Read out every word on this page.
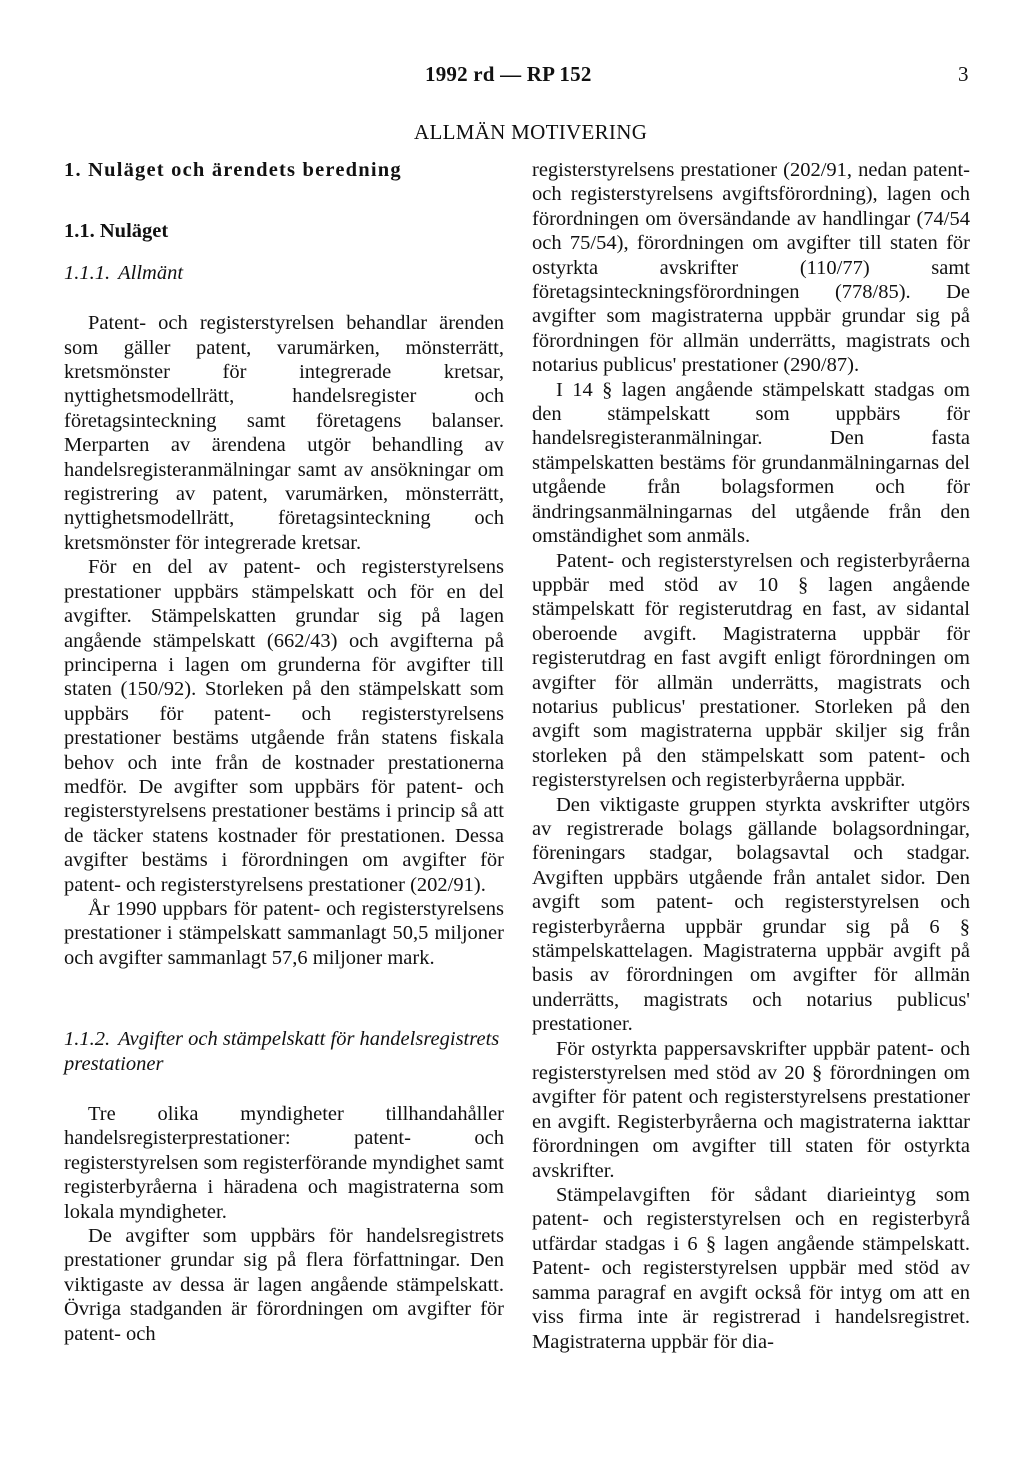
1992 rd — RP 152	3
ALLMÄN MOTIVERING
1. Nuläget och ärendets beredning
1.1. Nuläget
1.1.1. Allmänt

Patent- och registerstyrelsen behandlar ärenden som gäller patent, varumärken, mönsterrätt, kretsmönster för integrerade kretsar, nyttighetsmodellrätt, handelsregister och företagsinteckning samt företagens balanser. Merparten av ärendena utgör behandling av handelsregisteranmälningar samt av ansökningar om registrering av patent, varumärken, mönsterrätt, nyttighetsmodellrätt, företagsinteckning och kretsmönster för integrerade kretsar.

För en del av patent- och registerstyrelsens prestationer uppbärs stämpelskatt och för en del avgifter. Stämpelskatten grundar sig på lagen angående stämpelskatt (662/43) och avgifterna på principerna i lagen om grunderna för avgifter till staten (150/92). Storleken på den stämpelskatt som uppbärs för patent- och registerstyrelsens prestationer bestäms utgående från statens fiskala behov och inte från de kostnader prestationerna medför. De avgifter som uppbärs för patent- och registerstyrelsens prestationer bestäms i princip så att de täcker statens kostnader för prestationen. Dessa avgifter bestäms i förordningen om avgifter för patent- och registerstyrelsens prestationer (202/91).

År 1990 uppbars för patent- och registerstyrelsens prestationer i stämpelskatt sammanlagt 50,5 miljoner och avgifter sammanlagt 57,6 miljoner mark.

1.1.2. Avgifter och stämpelskatt för handelsregistrets prestationer

Tre olika myndigheter tillhandahåller handelsregisterprestationer: patent- och registerstyrelsen som registerförande myndighet samt registerbyråerna i häradena och magistraterna som lokala myndigheter.

De avgifter som uppbärs för handelsregistrets prestationer grundar sig på flera författningar. Den viktigaste av dessa är lagen angående stämpelskatt. Övriga stadganden är förordningen om avgifter för patent- och

registerstyrelsens prestationer (202/91, nedan patent- och registerstyrelsens avgiftsförordning), lagen och förordningen om översändande av handlingar (74/54 och 75/54), förordningen om avgifter till staten för ostyrkta avskrifter (110/77) samt företagsinteckningsförordningen (778/85). De avgifter som magistraterna uppbär grundar sig på förordningen för allmän underrätts, magistrats och notarius publicus' prestationer (290/87).

I 14 § lagen angående stämpelskatt stadgas om den stämpelskatt som uppbärs för handelsregisteranmälningar. Den fasta stämpelskatten bestäms för grundanmälningarnas del utgående från bolagsformen och för ändringsanmälningarnas del utgående från den omständighet som anmäls.

Patent- och registerstyrelsen och registerbyråerna uppbär med stöd av 10 § lagen angående stämpelskatt för registerutdrag en fast, av sidantal oberoende avgift. Magistraterna uppbär för registerutdrag en fast avgift enligt förordningen om avgifter för allmän underrätts, magistrats och notarius publicus' prestationer. Storleken på den avgift som magistraterna uppbär skiljer sig från storleken på den stämpelskatt som patent- och registerstyrelsen och registerbyråerna uppbär.

Den viktigaste gruppen styrkta avskrifter utgörs av registrerade bolags gällande bolagsordningar, föreningars stadgar, bolagsavtal och stadgar. Avgiften uppbärs utgående från antalet sidor. Den avgift som patent- och registerstyrelsen och registerbyråerna uppbär grundar sig på 6 § stämpelskattelagen. Magistraterna uppbär avgift på basis av förordningen om avgifter för allmän underrätts, magistrats och notarius publicus' prestationer.

För ostyrkta pappersavskrifter uppbär patent- och registerstyrelsen med stöd av 20 § förordningen om avgifter för patent och registerstyrelsens prestationer en avgift. Registerbyråerna och magistraterna iakttar förordningen om avgifter till staten för ostyrkta avskrifter.

Stämpelavgiften för sådant diarieintyg som patent- och registerstyrelsen och en registerbyrå utfärdar stadgas i 6 § lagen angående stämpelskatt. Patent- och registerstyrelsen uppbär med stöd av samma paragraf en avgift också för intyg om att en viss firma inte är registrerad i handelsregistret. Magistraterna uppbär för dia-
